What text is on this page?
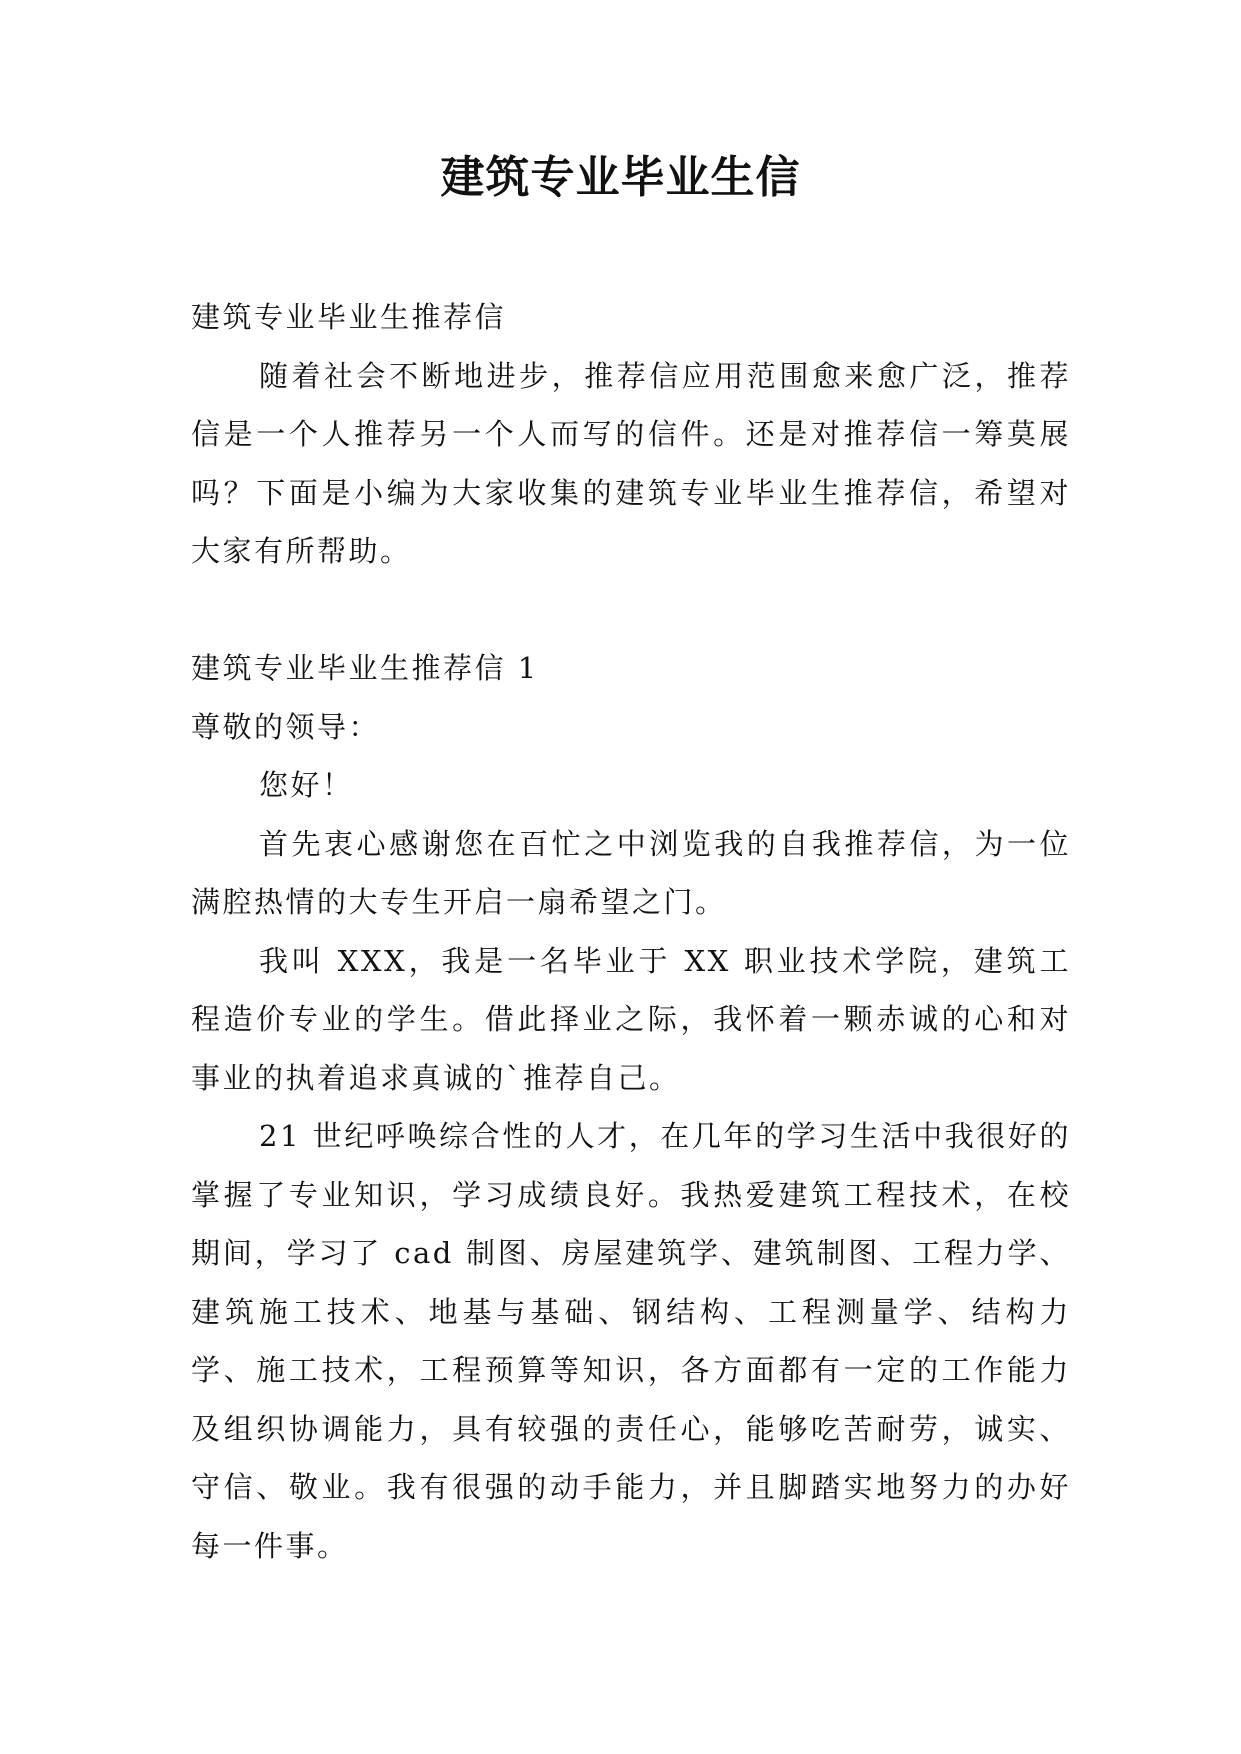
建筑专业毕业生信

建筑专业毕业生推荐信

随着社会不断地进步，推荐信应用范围愈来愈广泛，推荐信是一个人推荐另一个人而写的信件。还是对推荐信一筹莫展吗？下面是小编为大家收集的建筑专业毕业生推荐信，希望对大家有所帮助。

建筑专业毕业生推荐信 1

尊敬的领导：

您好！

首先衷心感谢您在百忙之中浏览我的自我推荐信，为一位满腔热情的大专生开启一扇希望之门。

我叫 XXX，我是一名毕业于 XX 职业技术学院，建筑工程造价专业的学生。借此择业之际，我怀着一颗赤诚的心和对事业的执着追求真诚的`推荐自己。

21 世纪呼唤综合性的人才，在几年的学习生活中我很好的掌握了专业知识，学习成绩良好。我热爱建筑工程技术，在校期间，学习了 cad 制图、房屋建筑学、建筑制图、工程力学、建筑施工技术、地基与基础、钢结构、工程测量学、结构力学、施工技术，工程预算等知识，各方面都有一定的工作能力及组织协调能力，具有较强的责任心，能够吃苦耐劳，诚实、守信、敬业。我有很强的动手能力，并且脚踏实地努力的办好每一件事。
